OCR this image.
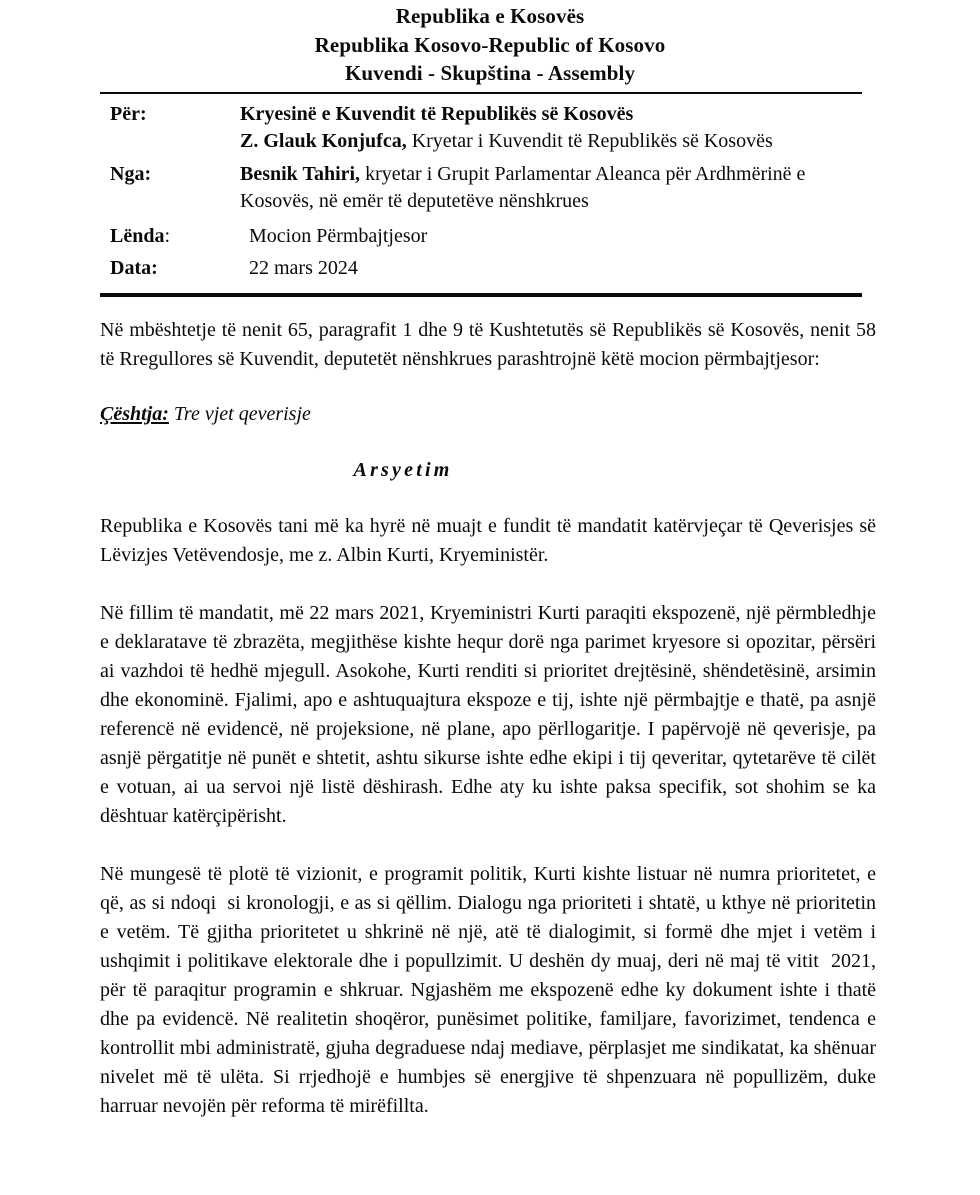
Republika e Kosovës
Republika Kosovo-Republic of Kosovo
Kuvendi - Skupština - Assembly
Për:	Kryesinë e Kuvendit të Republikës së Kosovës
Z. Glauk Konjufca, Kryetar i Kuvendit të Republikës së Kosovës
Nga:	Besnik Tahiri, kryetar i Grupit Parlamentar Aleanca për Ardhmërinë e
Kosovës, në emër të deputetëve nënshkrues
Lënda:	Mocion Përmbajtjesor
Data:	22 mars 2024

Në mbështetje të nenit 65, paragrafit 1 dhe 9 të Kushtetutës së Republikës së Kosovës, nenit 58 të Rregullores së Kuvendit, deputetët nënshkrues parashtrojnë këtë mocion përmbajtjesor:

Çështja: Tre vjet qeverisje
Arsyetim

Republika e Kosovës tani më ka hyrë në muajt e fundit të mandatit katërvjeçar të Qeverisjes së Lëvizjes Vetëvendosje, me z. Albin Kurti, Kryeministër.

Në fillim të mandatit, më 22 mars 2021, Kryeministri Kurti paraqiti ekspozenë, një përmbledhje e deklaratave të zbrazëta, megjithëse kishte hequr dorë nga parimet kryesore si opozitar, përsëri ai vazhdoi të hedhë mjegull. Asokohe, Kurti renditi si prioritet drejtësinë, shëndetësinë, arsimin dhe ekonominë. Fjalimi, apo e ashtuquajtura ekspoze e tij, ishte një përmbajtje e thatë, pa asnjë referencë në evidencë, në projeksione, në plane, apo përllogaritje. I papërvojë në qeverisje, pa asnjë përgatitje në punët e shtetit, ashtu sikurse ishte edhe ekipi i tij qeveritar, qytetarëve të cilët e votuan, ai ua servoi një listë dëshirash. Edhe aty ku ishte paksa specifik, sot shohim se ka dështuar katërçipërisht.

Në mungesë të plotë të vizionit, e programit politik, Kurti kishte listuar në numra prioritetet, e që, as si ndoqi  si kronologji, e as si qëllim. Dialogu nga prioriteti i shtatë, u kthye në prioritetin e vetëm. Të gjitha prioritetet u shkrinë në një, atë të dialogimit, si formë dhe mjet i vetëm i ushqimit i politikave elektorale dhe i popullzimit. U deshën dy muaj, deri në maj të vitit  2021, për të paraqitur programin e shkruar. Ngjashëm me ekspozenë edhe ky dokument ishte i thatë dhe pa evidencë. Në realitetin shoqëror, punësimet politike, familjare, favorizimet, tendenca e kontrollit mbi administratë, gjuha degraduese ndaj mediave, përplasjet me sindikatat, ka shënuar nivelet më të ulëta. Si rrjedhojë e humbjes së energjive të shpenzuara në popullizëm, duke harruar nevojën për reforma të mirëfillta.
